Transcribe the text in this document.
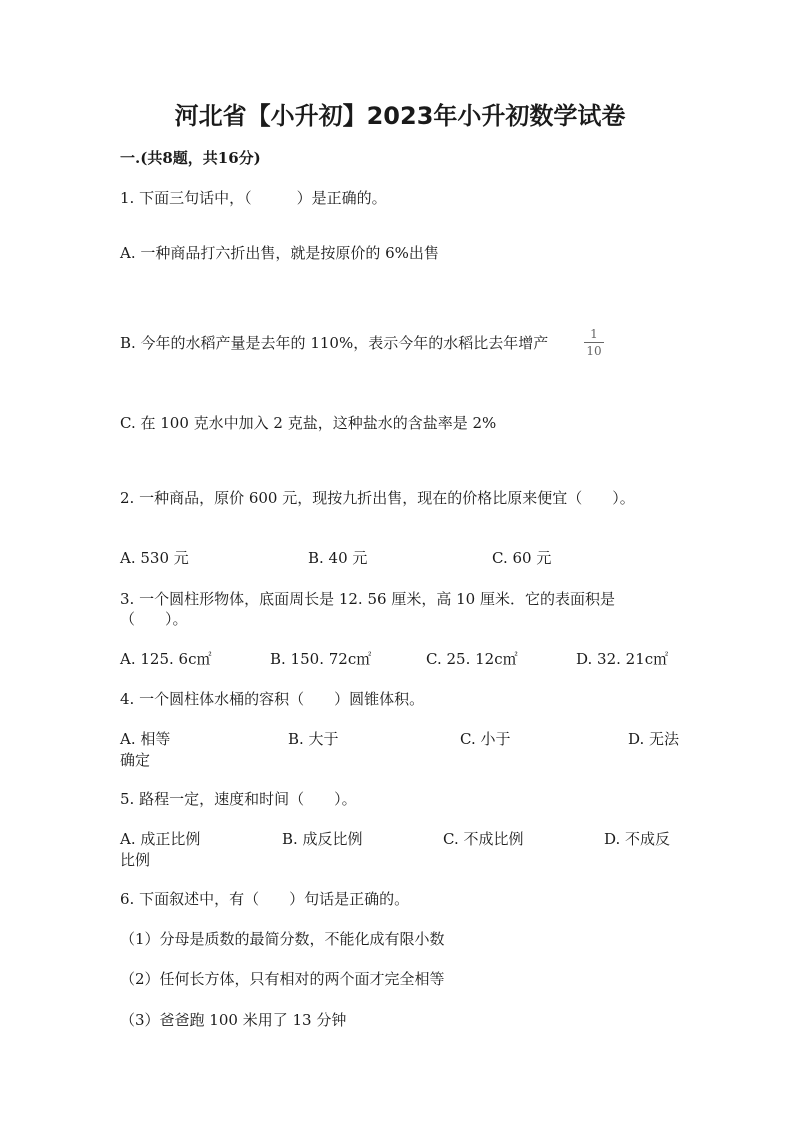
河北省【小升初】2023年小升初数学试卷
一.(共8题，共16分)
1. 下面三句话中，（　　　）是正确的。
A. 一种商品打六折出售，就是按原价的 6%出售
B. 今年的水稻产量是去年的 110%，表示今年的水稻比去年增产	1
10
C. 在 100 克水中加入 2 克盐，这种盐水的含盐率是 2%
2. 一种商品，原价 600 元，现按九折出售，现在的价格比原来便宜（　　）。
A. 530 元	B. 40 元	C. 60 元
3. 一个圆柱形物体，底面周长是 12. 56 厘米，高 10 厘米．它的表面积是
（　　）。
A. 125. 6c㎡	B. 150. 72c㎡	C. 25. 12c㎡	D. 32. 21c㎡
4. 一个圆柱体水桶的容积（　　）圆锥体积。
A. 相等	B. 大于	C. 小于	D. 无法
确定
5. 路程一定，速度和时间（　　）。
A. 成正比例	B. 成反比例	C. 不成比例	D. 不成反
比例
6. 下面叙述中，有（　　）句话是正确的。
（1）分母是质数的最简分数，不能化成有限小数
（2）任何长方体，只有相对的两个面才完全相等
（3）爸爸跑 100 米用了 13 分钟
